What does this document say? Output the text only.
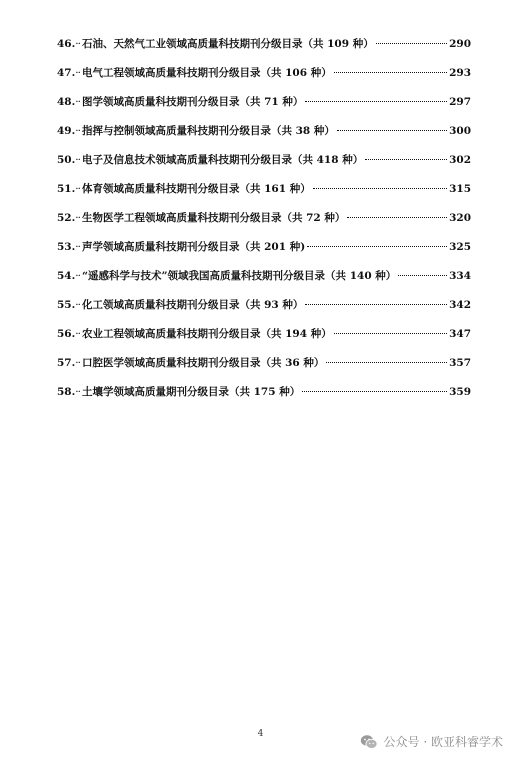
46. ·· 石油、天然气工业领域高质量科技期刊分级目录（共 109 种）	290
47. ·· 电气工程领域高质量科技期刊分级目录（共 106 种）	293
48. ·· 图学领域高质量科技期刊分级目录（共 71 种）	297
49. ·· 指挥与控制领域高质量科技期刊分级目录（共 38 种）	300
50. ·· 电子及信息技术领域高质量科技期刊分级目录（共 418 种）	302
51. ·· 体育领域高质量科技期刊分级目录（共 161 种）	315
52. ·· 生物医学工程领域高质量科技期刊分级目录（共 72 种）	320
53. ·· 声学领域高质量科技期刊分级目录（共 201 种)	325
54. ·· “遥感科学与技术”领域我国高质量科技期刊分级目录（共 140 种）	334
55. ·· 化工领域高质量科技期刊分级目录（共 93 种）	342
56. ·· 农业工程领域高质量科技期刊分级目录（共 194 种）	347
57. ·· 口腔医学领域高质量科技期刊分级目录（共 36 种）	357
58. ·· 土壤学领域高质量期刊分级目录（共 175 种）	359
4
公众号 · 欧亚科睿学术
